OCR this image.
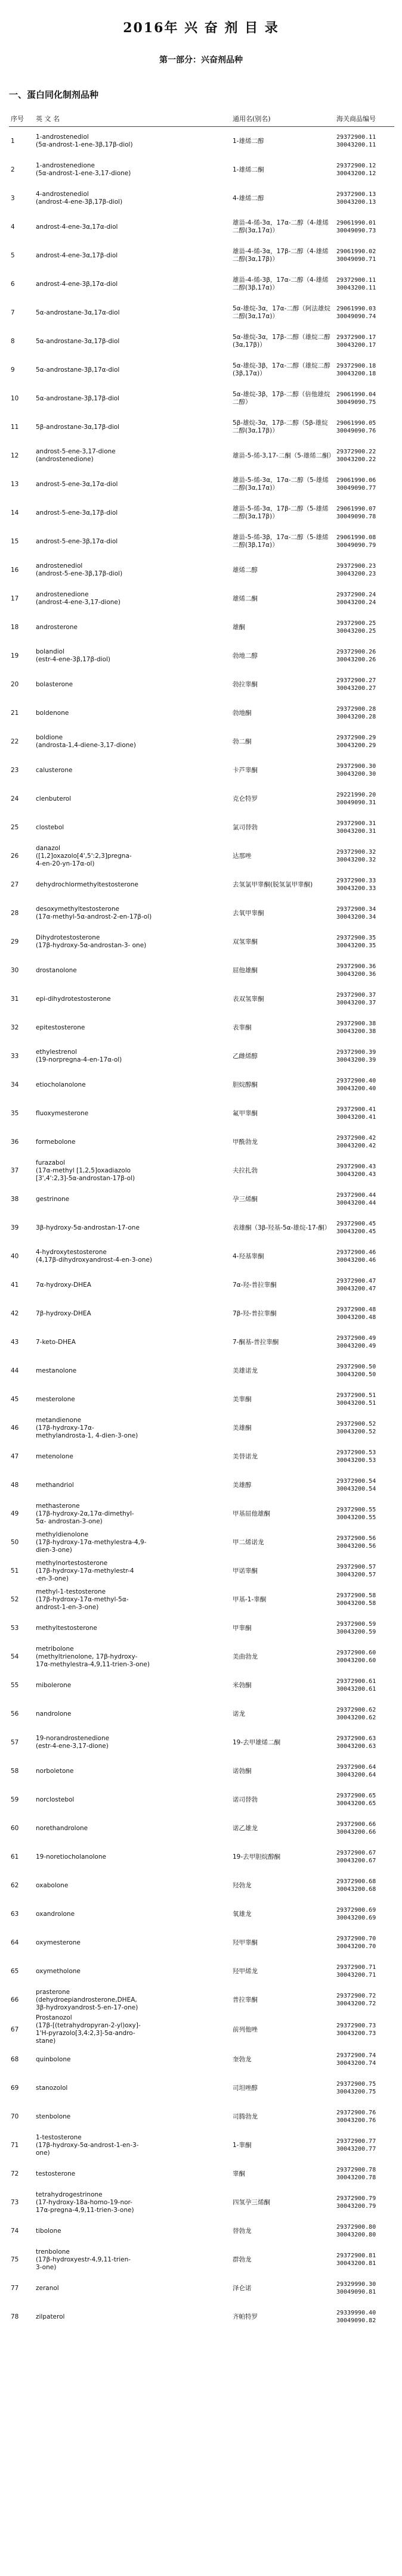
2016年 兴 奋 剂 目 录
第一部分：兴奋剂品种
一、蛋白同化制剂品种
序号	英 文 名	通用名(别名)	海关商品编号
1	1-androstenediol
(5α-androst-1-ene-3β,17β-diol)	1-雄烯二醇	29372900.11
30043200.11

2	1-androstenedione
(5α-androst-1-ene-3,17-dione)	1-雄烯二酮	29372900.12
30043200.12

3	4-androstenediol
(androst-4-ene-3β,17β-diol)	4-雄烯二醇	29372900.13
30043200.13

4	androst-4-ene-3α,17α-diol	雄甾-4-烯-3α，17α-二醇（4-雄烯二醇(3α,17α)）	29061990.01
30049090.73

5	androst-4-ene-3α,17β-diol	雄甾-4-烯-3α，17β-二醇（4-雄烯二醇(3α,17β)）	29061990.02
30049090.71

6	androst-4-ene-3β,17α-diol	雄甾-4-烯-3β，17α-二醇（4-雄烯二醇(3β,17α)）	29372900.11
30043200.11

7	5α-androstane-3α,17α-diol	5α-雄烷-3α，17α-二醇（阿法雄烷二醇(3α,17α)）	29061990.03
30049090.74

8	5α-androstane-3α,17β-diol	5α-雄烷-3α，17β-二醇（雄烷二醇(3α,17β)）	29372900.17
30043200.17

9	5α-androstane-3β,17α-diol	5α-雄烷-3β，17α-二醇（雄烷二醇(3β,17α)）	29372900.18
30043200.18

10	5α-androstane-3β,17β-diol	5α-雄烷-3β，17β-二醇（倍他雄烷二醇）	29061990.04
30049090.75

11	5β-androstane-3α,17β-diol	5β-雄烷-3α，17β-二醇（5β-雄烷二醇(3α,17β)）	29061990.05
30049090.76

12	androst-5-ene-3,17-dione
(androstenedione)	雄甾-5-烯-3,17-二酮（5-雄烯二酮）	29372900.22
30043200.22

13	androst-5-ene-3α,17α-diol	雄甾-5-烯-3α，17α-二醇（5-雄烯二醇(3α,17α)）	29061990.06
30049090.77

14	androst-5-ene-3α,17β-diol	雄甾-5-烯-3α，17β-二醇（5-雄烯二醇(3α,17β)）	29061990.07
30049090.78

15	androst-5-ene-3β,17α-diol	雄甾-5-烯-3β，17α-二醇（5-雄烯二醇(3β,17α)）	29061990.08
30049090.79

16	androstenediol
(androst-5-ene-3β,17β-diol)	雄烯二醇	29372900.23
30043200.23

17	androstenedione
(androst-4-ene-3,17-dione)	雄烯二酮	29372900.24
30043200.24

18	androsterone	雄酮	29372900.25
30043200.25

19	bolandiol
(estr-4-ene-3β,17β-diol)	勃地二醇	29372900.26
30043200.26

20	bolasterone	勃拉睾酮	29372900.27
30043200.27

21	boldenone	勃地酮	29372900.28
30043200.28

22	boldione
(androsta-1,4-diene-3,17-dione)	勃二酮	29372900.29
30043200.29

23	calusterone	卡芦睾酮	29372900.30
30043200.30

24	clenbuterol	克仑特罗	29221990.20
30049090.31

25	clostebol	氯司替勃	29372900.31
30043200.31

26	danazol
([1,2]oxazolo[4',5':2,3]pregna-
4-en-20-yn-17α-ol)	达那唑	29372900.32
30043200.32

27	dehydrochlormethyltestosterone	去氢氯甲睾酮(脱氢氯甲睾酮)	29372900.33
30043200.33

28	desoxymethyltestosterone
(17α-methyl-5α-androst-2-en-17β-ol)	去氧甲睾酮	29372900.34
30043200.34

29	Dihydrotestosterone
(17β-hydroxy-5α-androstan-3- one)	双氢睾酮	29372900.35
30043200.35

30	drostanolone	屈他雄酮	29372900.36
30043200.36

31	epi-dihydrotestosterone	表双氢睾酮	29372900.37
30043200.37

32	epitestosterone	表睾酮	29372900.38
30043200.38

33	ethylestrenol
(19-norpregna-4-en-17α-ol)	乙雌烯醇	29372900.39
30043200.39

34	etiocholanolone	胆烷醇酮	29372900.40
30043200.40

35	fluoxymesterone	氟甲睾酮	29372900.41
30043200.41

36	formebolone	甲酰勃龙	29372900.42
30043200.42

37	furazabol
(17α-methyl [1,2,5]oxadiazolo
[3',4':2,3]-5α-androstan-17β-ol)	夫拉扎勃	29372900.43
30043200.43

38	gestrinone	孕三烯酮	29372900.44
30043200.44

39	3β-hydroxy-5α-androstan-17-one	表雄酮（3β-羟基-5α-雄烷-17-酮）	29372900.45
30043200.45

40	4-hydroxytestosterone
(4,17β-dihydroxyandrost-4-en-3-one)	4-羟基睾酮	29372900.46
30043200.46

41	7α-hydroxy-DHEA	7α-羟-普拉睾酮	29372900.47
30043200.47

42	7β-hydroxy-DHEA	7β-羟-普拉睾酮	29372900.48
30043200.48

43	7-keto-DHEA	7-酮基-普拉睾酮	29372900.49
30043200.49

44	mestanolone	美雄诺龙	29372900.50
30043200.50

45	mesterolone	美睾酮	29372900.51
30043200.51

46	metandienone
(17β-hydroxy-17α-
methylandrosta-1, 4-dien-3-one)	美雄酮	29372900.52
30043200.52

47	metenolone	美替诺龙	29372900.53
30043200.53

48	methandriol	美雄醇	29372900.54
30043200.54

49	methasterone
(17β-hydroxy-2α,17α-dimethyl-
5α- androstan-3-one)	甲基屈他雄酮	29372900.55
30043200.55

50	methyldienolone
(17β-hydroxy-17α-methylestra-4,9-
dien-3-one)	甲二烯诺龙	29372900.56
30043200.56

51	methylnortestosterone
(17β-hydroxy-17α-methylestr-4
-en-3-one)	甲诺睾酮	29372900.57
30043200.57

52	methyl-1-testosterone
(17β-hydroxy-17α-methyl-5α-
androst-1-en-3-one)	甲基-1-睾酮	29372900.58
30043200.58

53	methyltestosterone	甲睾酮	29372900.59
30043200.59

54	metribolone
(methyltrienolone, 17β-hydroxy-
17α-methylestra-4,9,11-trien-3-one)	美曲勃龙	29372900.60
30043200.60

55	mibolerone	米勃酮	29372900.61
30043200.61

56	nandrolone	诺龙	29372900.62
30043200.62

57	19-norandrostenedione
(estr-4-ene-3,17-dione)	19-去甲雄烯二酮	29372900.63
30043200.63

58	norboletone	诺勃酮	29372900.64
30043200.64

59	norclostebol	诺司替勃	29372900.65
30043200.65

60	norethandrolone	诺乙雄龙	29372900.66
30043200.66

61	19-noretiocholanolone	19-去甲胆烷醇酮	29372900.67
30043200.67

62	oxabolone	羟勃龙	29372900.68
30043200.68

63	oxandrolone	氧雄龙	29372900.69
30043200.69

64	oxymesterone	羟甲睾酮	29372900.70
30043200.70

65	oxymetholone	羟甲烯龙	29372900.71
30043200.71

66	prasterone
(dehydroepiandrosterone,DHEA,
3β-hydroxyandrost-5-en-17-one)	普拉睾酮	29372900.72
30043200.72

67	Prostanozol
(17β-[(tetrahydropyran-2-yl)oxy]-
1'H-pyrazolo[3,4:2,3]-5α-andro-
stane)	前列他唑	29372900.73
30043200.73

68	quinbolone	奎勃龙	29372900.74
30043200.74

69	stanozolol	司坦唑醇	29372900.75
30043200.75

70	stenbolone	司腾勃龙	29372900.76
30043200.76

71	1-testosterone
(17β-hydroxy-5α-androst-1-en-3-
one)	1-睾酮	29372900.77
30043200.77

72	testosterone	睾酮	29372900.78
30043200.78

73	tetrahydrogestrinone
(17-hydroxy-18a-homo-19-nor-
17α-pregna-4,9,11-trien-3-one)	四氢孕三烯酮	29372900.79
30043200.79

74	tibolone	替勃龙	29372900.80
30043200.80

75	trenbolone
(17β-hydroxyestr-4,9,11-trien-
3-one)	群勃龙	29372900.81
30043200.81

77	zeranol	泽仑诺	29329990.30
30049090.81

78	zilpaterol	齐帕特罗	29339990.40
30049090.82
